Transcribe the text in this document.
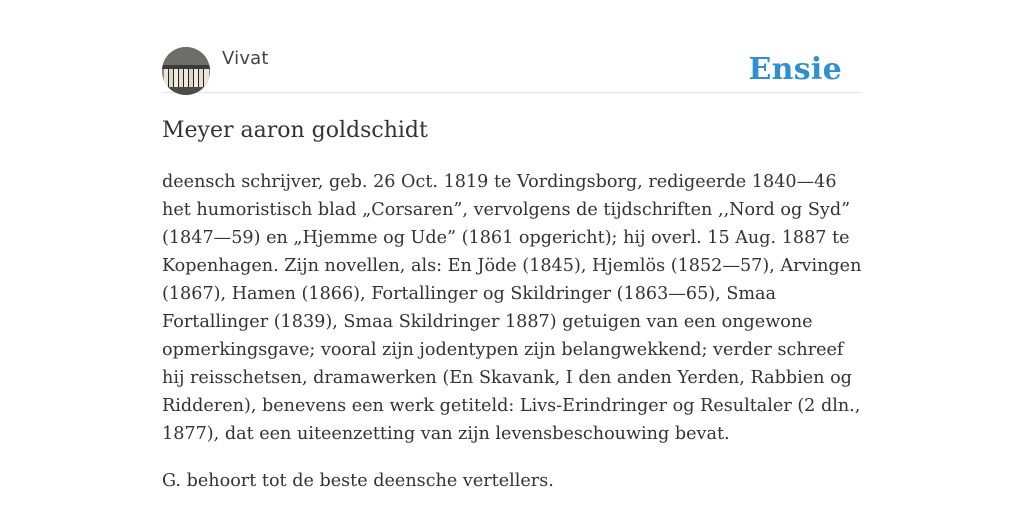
Vivat	Ensie
Meyer aaron goldschidt

deensch schrijver, geb. 26 Oct. 1819 te Vordingsborg, redigeerde 1840—46 het humoristisch blad „Corsaren”, vervolgens de tijdschriften ,,Nord og Syd” (1847—59) en „Hjemme og Ude” (1861 opgericht); hij overl. 15 Aug. 1887 te Kopenhagen. Zijn novellen, als: En Jöde (1845), Hjemlös (1852—57), Arvingen (1867), Hamen (1866), Fortallinger og Skildringer (1863—65), Smaa Fortallinger (1839), Smaa Skildringer 1887) getuigen van een ongewone opmerkingsgave; vooral zijn jodentypen zijn belangwekkend; verder schreef hij reisschetsen, dramawerken (En Skavank, I den anden Yerden, Rabbien og Ridderen), benevens een werk getiteld: Livs-Erindringer og Resultaler (2 dln., 1877), dat een uiteenzetting van zijn levensbeschouwing bevat.

G. behoort tot de beste deensche vertellers.
